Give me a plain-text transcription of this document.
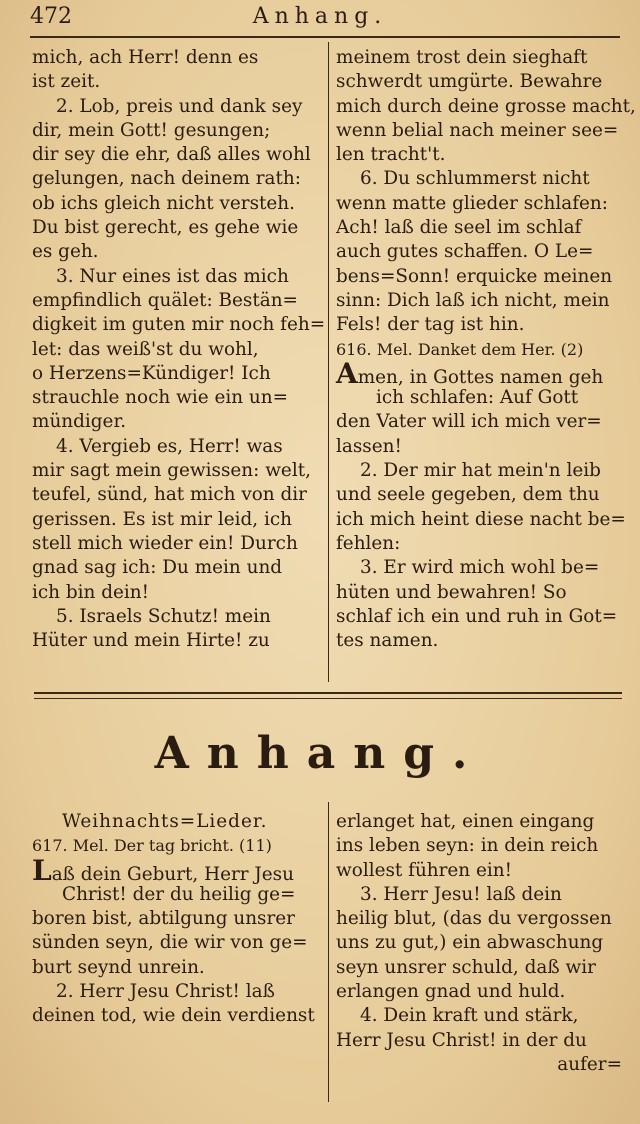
472	Anhang.
mich, ach Herr! denn es
ist zeit.
2. Lob, preis und dank sey
dir, mein Gott! gesungen;
dir sey die ehr, daß alles wohl
gelungen, nach deinem rath:
ob ichs gleich nicht versteh.
Du bist gerecht, es gehe wie
es geh.
3. Nur eines ist das mich
empfindlich quälet: Bestän=
digkeit im guten mir noch feh=
let: das weiß'st du wohl,
o Herzens=Kündiger! Ich
strauchle noch wie ein un=
mündiger.
4. Vergieb es, Herr! was
mir sagt mein gewissen: welt,
teufel, sünd, hat mich von dir
gerissen. Es ist mir leid, ich
stell mich wieder ein! Durch
gnad sag ich: Du mein und
ich bin dein!
5. Israels Schutz! mein
Hüter und mein Hirte! zu
meinem trost dein sieghaft
schwerdt umgürte. Bewahre
mich durch deine grosse macht,
wenn belial nach meiner see=
len tracht't.
6. Du schlummerst nicht
wenn matte glieder schlafen:
Ach! laß die seel im schlaf
auch gutes schaffen. O Le=
bens=Sonn! erquicke meinen
sinn: Dich laß ich nicht, mein
Fels! der tag ist hin.
616. Mel. Danket dem Her. (2)
Amen, in Gottes namen geh
ich schlafen: Auf Gott
den Vater will ich mich ver=
lassen!
2. Der mir hat mein'n leib
und seele gegeben, dem thu
ich mich heint diese nacht be=
fehlen:
3. Er wird mich wohl be=
hüten und bewahren! So
schlaf ich ein und ruh in Got=
tes namen.
Anhang.
Weihnachts=Lieder.
617. Mel. Der tag bricht. (11)
Laß dein Geburt, Herr Jesu
Christ! der du heilig ge=
boren bist, abtilgung unsrer
sünden seyn, die wir von ge=
burt seynd unrein.
2. Herr Jesu Christ! laß
deinen tod, wie dein verdienst
erlanget hat, einen eingang
ins leben seyn: in dein reich
wollest führen ein!
3. Herr Jesu! laß dein
heilig blut, (das du vergossen
uns zu gut,) ein abwaschung
seyn unsrer schuld, daß wir
erlangen gnad und huld.
4. Dein kraft und stärk,
Herr Jesu Christ! in der du
aufer=
